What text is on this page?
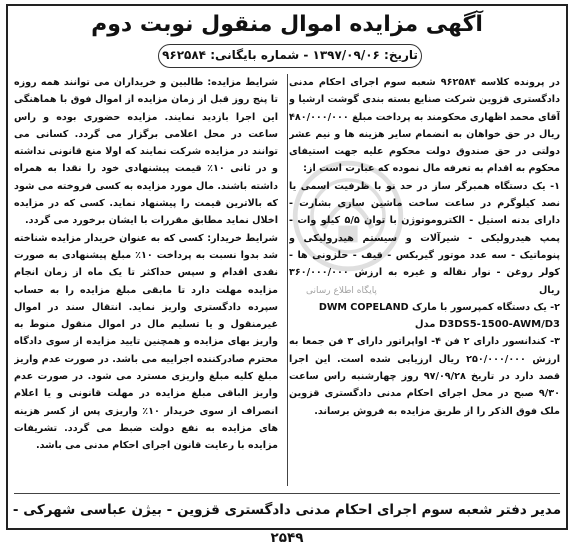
آگهی مزایده اموال منقول نوبت دوم
تاریخ: ۱۳۹۷/۰۹/۰۶ - شماره بایگانی: ۹۶۲۵۸۴
پایگاه اطلاع رسانی

در پرونده کلاسه ۹۶۲۵۸۴ شعبه سوم اجرای احکام مدنی دادگستری قزوین شرکت صنایع بسته بندی گوشت ارشیا و آقای محمد اظهاری محکومند به پرداخت مبلغ ۴۸۰/۰۰۰/۰۰۰ ریال در حق خواهان به انضمام سایر هزینه ها و نیم عشر دولتی در حق صندوق دولت محکوم علیه جهت استیفای محکوم به اقدام به تعرفه مال نموده که عبارت است از:

۱- یک دستگاه همبرگر ساز در حد نو با ظرفیت اسمی یا نصد کیلوگرم در ساعت ساخت ماشین سازی بشارت - دارای بدنه استیل - الکتروموتوژن با توان ۵/۵ کیلو وات - پمپ هیدرولیکی - شیرآلات و سیستم هیدرولیکی و پنوماتیک - سه عدد موتور گیربکس - قیف - حلزونی ها - کولر روغن - نوار نقاله و غیره به ارزش ۳۶۰/۰۰۰/۰۰۰ ریال

۲- یک دستگاه کمپرسور با مارک DWM COPELAND

مدل D3DS5-1500-AWM/D3

۳- کندانسور دارای ۲ فن ۴- اواپراتور دارای ۳ فن جمعا به ارزش ۲۵۰/۰۰۰/۰۰۰ ریال ارزیابی شده است. این اجرا قصد دارد در تاریخ ۹۷/۰۹/۲۸ روز چهارشنبه راس ساعت ۹/۳۰ صبح در محل اجرای احکام مدنی دادگستری قزوین ملک فوق الذکر را از طریق مزایده به فروش برساند.

شرایط مزایده: طالبین و خریداران می توانند همه روزه تا پنج روز قبل از زمان مزایده از اموال فوق با هماهنگی این اجرا بازدید نمایند. مزایده حضوری بوده و راس ساعت در محل اعلامی برگزار می گردد. کسانی می توانند در مزایده شرکت نمایند که اولا منع قانونی نداشته و در ثانی ۱۰٪ قیمت پیشنهادی خود را نقدا به همراه داشته باشند. مال مورد مزایده به کسی فروخته می شود که بالاترین قیمت را پیشنهاد نماید. کسی که در مزایده اخلال نماید مطابق مقررات با ایشان برخورد می گردد.

شرایط خریدار: کسی که به عنوان خریدار مزایده شناخته شد بدوا نسبت به پرداخت ۱۰٪ مبلغ پیشنهادی به صورت نقدی اقدام و سپس حداکثر تا یک ماه از زمان انجام مزایده مهلت دارد تا مابقی مبلغ مزایده را به حساب سپرده دادگستری واریز نماید. انتقال سند در اموال غیرمنقول و یا تسلیم مال در اموال منقول منوط به واریز بهای مزایده و همچنین تایید مزایده از سوی دادگاه محترم صادرکننده اجراییه می باشد. در صورت عدم واریز مبلغ کلیه مبلغ واریزی مسترد می شود. در صورت عدم واریز الباقی مبلغ مزایده در مهلت قانونی و یا اعلام انصراف از سوی خریدار ۱۰٪ واریزی پس از کسر هزینه های مزایده به نفع دولت ضبط می گردد. تشریفات مزایده با رعایت قانون اجرای احکام مدنی می باشد.

مدیر دفتر شعبه سوم اجرای احکام مدنی دادگستری قزوین - بیژن عباسی شهرکی - ۲۵۴۹
